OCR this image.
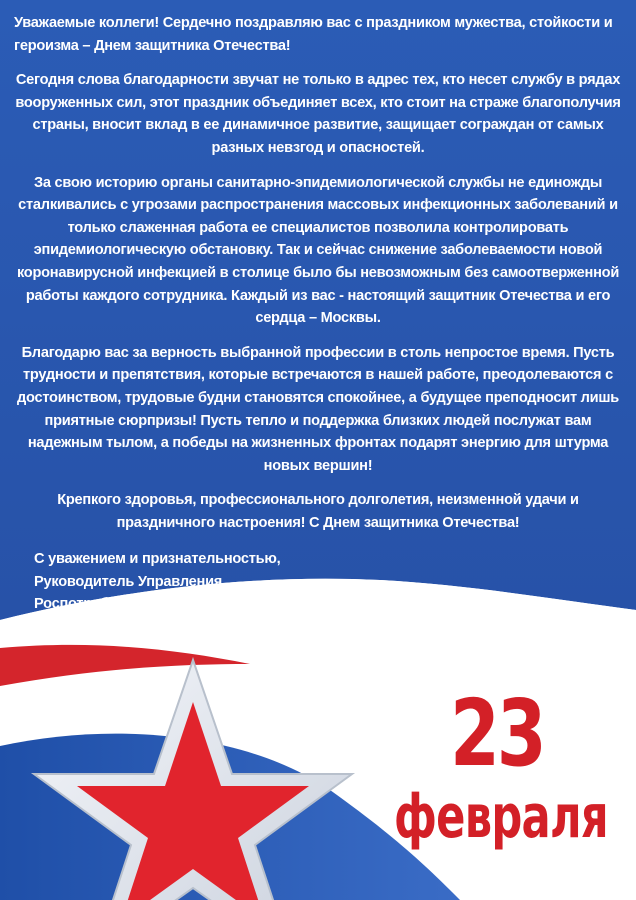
Уважаемые коллеги! Сердечно поздравляю вас с праздником мужества, стойкости и героизма – Днем защитника Отечества!

Сегодня слова благодарности звучат не только в адрес тех, кто несет службу в рядах вооруженных сил, этот праздник объединяет всех, кто стоит на страже благополучия страны, вносит вклад в ее динамичное развитие, защищает сограждан от самых разных невзгод и опасностей.

За свою историю органы санитарно-эпидемиологической службы не единожды сталкивались с угрозами распространения массовых инфекционных заболеваний и только слаженная работа ее специалистов позволила контролировать эпидемиологическую обстановку. Так и сейчас снижение заболеваемости новой коронавирусной инфекцией в столице было бы невозможным без самоотверженной работы каждого сотрудника. Каждый из вас - настоящий защитник Отечества и его сердца – Москвы.

Благодарю вас за верность выбранной профессии в столь непростое время. Пусть трудности и препятствия, которые встречаются в нашей работе, преодолеваются с достоинством, трудовые будни становятся спокойнее, а будущее преподносит лишь приятные сюрпризы! Пусть тепло и поддержка близких людей послужат вам надежным тылом, а победы на жизненных фронтах подарят энергию для штурма новых вершин!

Крепкого здоровья, профессионального долголетия, неизменной удачи и праздничного настроения! С Днем защитника Отечества!

С уважением и признательностью,
Руководитель Управления
Роспотребнадзора по г. Москве	Е.Е. Андреева
23
февраля
